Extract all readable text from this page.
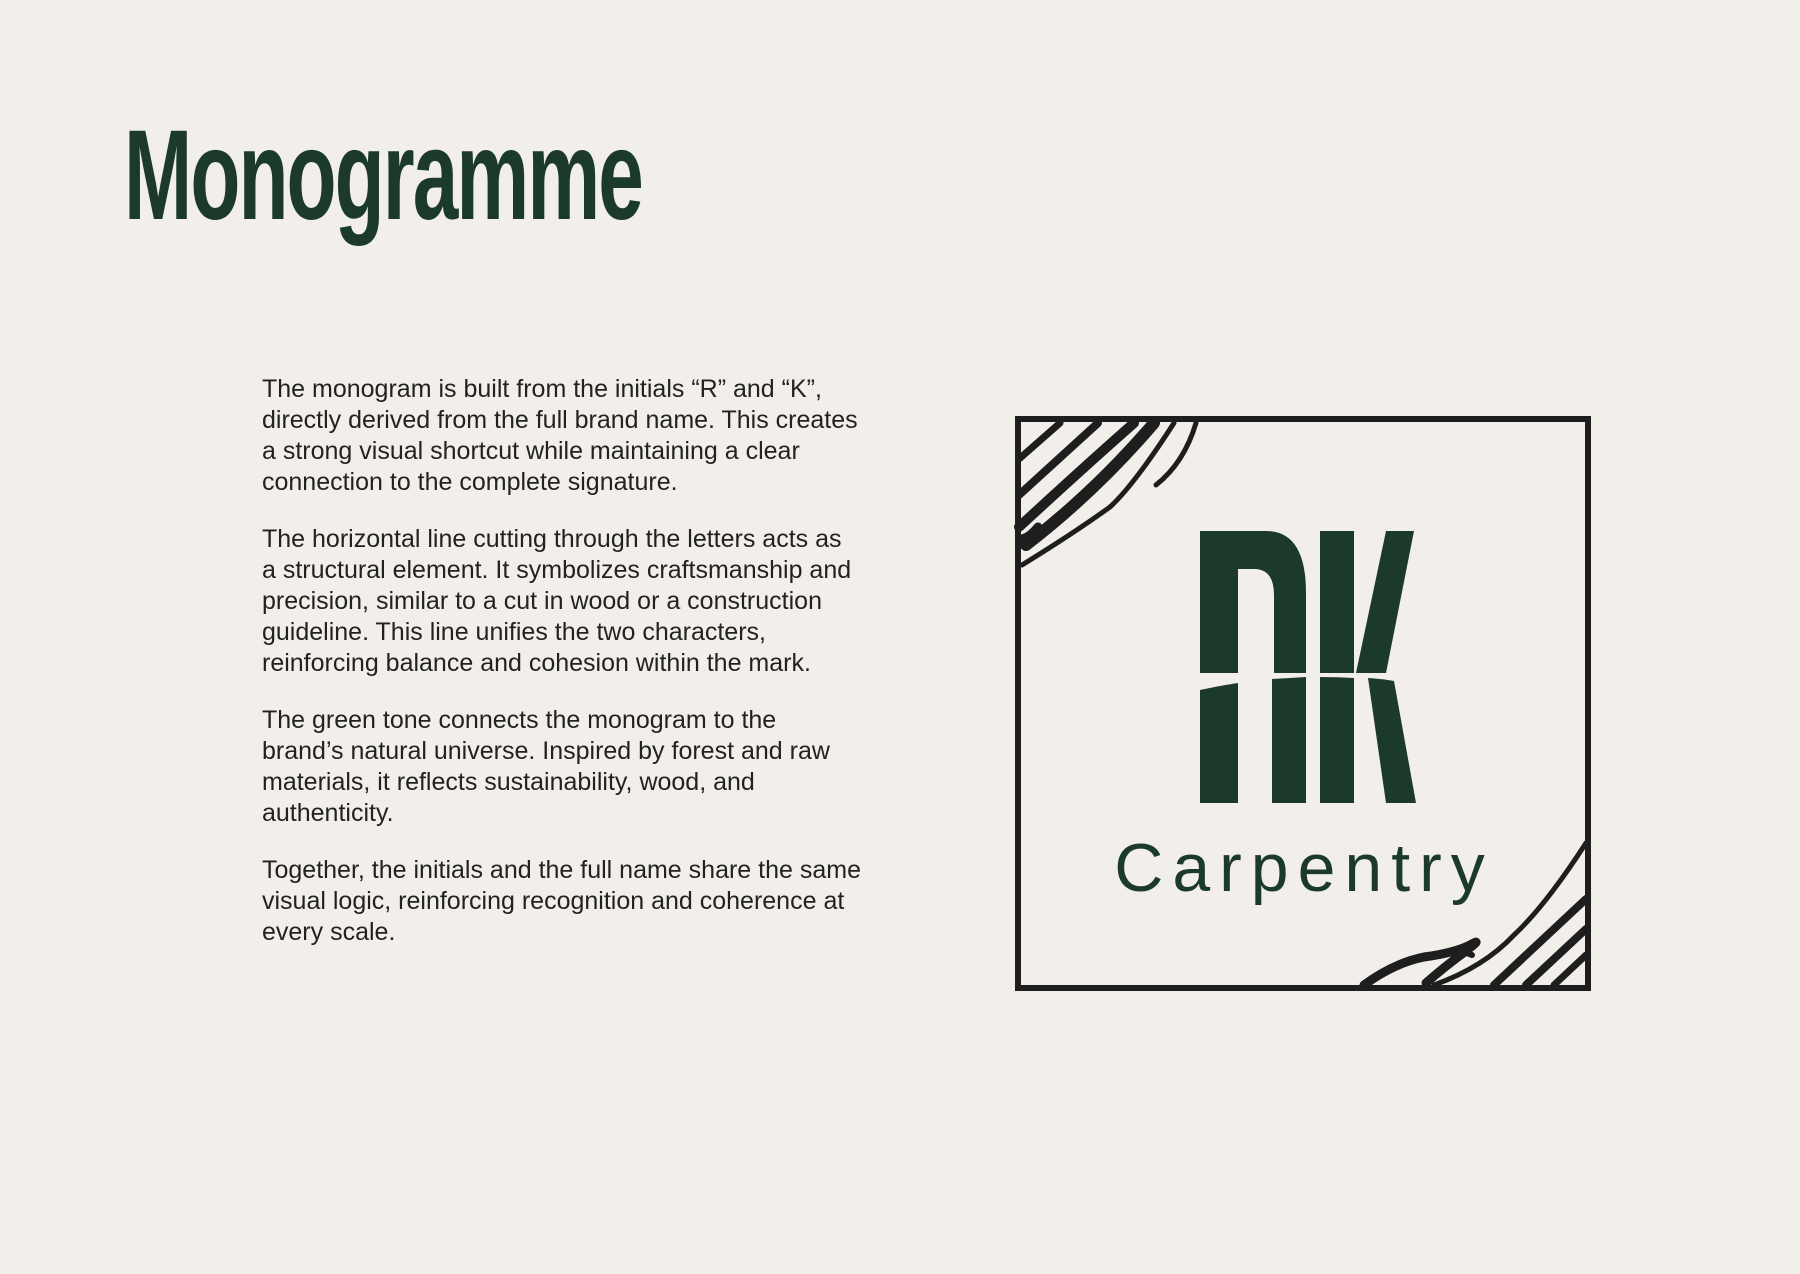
Monogramme

The monogram is built from the initials “R” and “K”, directly derived from the full brand name. This creates a strong visual shortcut while maintaining a clear connection to the complete signature.

The horizontal line cutting through the letters acts as a structural element. It symbolizes craftsmanship and precision, similar to a cut in wood or a construction guideline. This line unifies the two characters, reinforcing balance and cohesion within the mark.

The green tone connects the monogram to the brand’s natural universe. Inspired by forest and raw materials, it reflects sustainability, wood, and authenticity.

Together, the initials and the full name share the same visual logic, reinforcing recognition and coherence at every scale.

Carpentry
